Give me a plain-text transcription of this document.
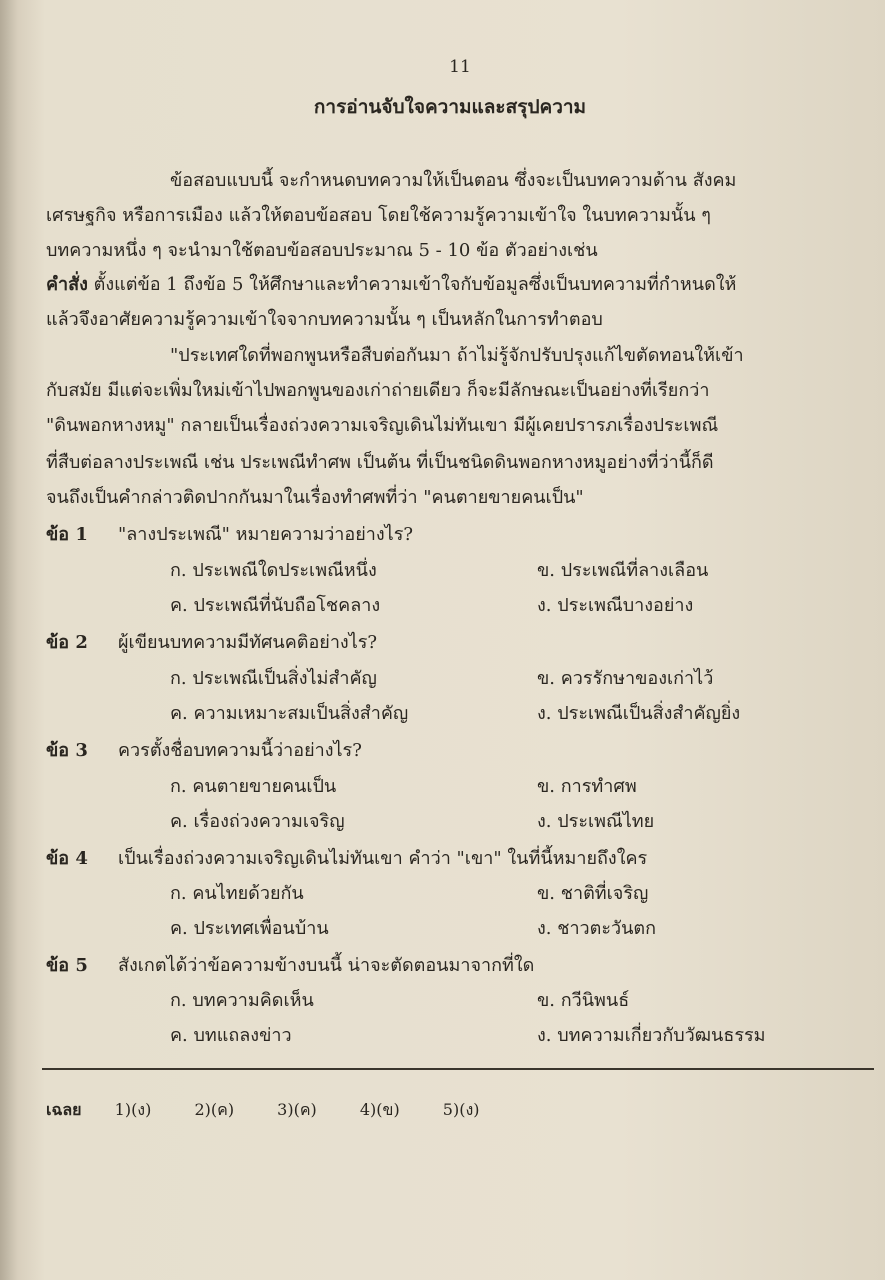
11
การอ่านจับใจความและสรุปความ
ข้อสอบแบบนี้ จะกำหนดบทความให้เป็นตอน ซึ่งจะเป็นบทความด้าน สังคม
เศรษฐกิจ หรือการเมือง แล้วให้ตอบข้อสอบ โดยใช้ความรู้ความเข้าใจ ในบทความนั้น ๆ
บทความหนึ่ง ๆ จะนำมาใช้ตอบข้อสอบประมาณ 5 - 10 ข้อ ตัวอย่างเช่น
คำสั่ง ตั้งแต่ข้อ 1 ถึงข้อ 5 ให้ศึกษาและทำความเข้าใจกับข้อมูลซึ่งเป็นบทความที่กำหนดให้
แล้วจึงอาศัยความรู้ความเข้าใจจากบทความนั้น ๆ เป็นหลักในการทำตอบ
"ประเทศใดที่พอกพูนหรือสืบต่อกันมา ถ้าไม่รู้จักปรับปรุงแก้ไขตัดทอนให้เข้า
กับสมัย มีแต่จะเพิ่มใหม่เข้าไปพอกพูนของเก่าถ่ายเดียว ก็จะมีลักษณะเป็นอย่างที่เรียกว่า
"ดินพอกหางหมู" กลายเป็นเรื่องถ่วงความเจริญเดินไม่ทันเขา มีผู้เคยปรารภเรื่องประเพณี
ที่สืบต่อลางประเพณี เช่น ประเพณีทำศพ เป็นต้น ที่เป็นชนิดดินพอกหางหมูอย่างที่ว่านี้ก็ดี
จนถึงเป็นคำกล่าวติดปากกันมาในเรื่องทำศพที่ว่า "คนตายขายคนเป็น"
ข้อ 1 "ลางประเพณี" หมายความว่าอย่างไร?
ก. ประเพณีใดประเพณีหนึ่ง	ข. ประเพณีที่ลางเลือน
ค. ประเพณีที่นับถือโชคลาง	ง. ประเพณีบางอย่าง
ข้อ 2 ผู้เขียนบทความมีทัศนคติอย่างไร?
ก. ประเพณีเป็นสิ่งไม่สำคัญ	ข. ควรรักษาของเก่าไว้
ค. ความเหมาะสมเป็นสิ่งสำคัญ	ง. ประเพณีเป็นสิ่งสำคัญยิ่ง
ข้อ 3 ควรตั้งชื่อบทความนี้ว่าอย่างไร?
ก. คนตายขายคนเป็น	ข. การทำศพ
ค. เรื่องถ่วงความเจริญ	ง. ประเพณีไทย
ข้อ 4 เป็นเรื่องถ่วงความเจริญเดินไม่ทันเขา คำว่า "เขา" ในที่นี้หมายถึงใคร
ก. คนไทยด้วยกัน	ข. ชาติที่เจริญ
ค. ประเทศเพื่อนบ้าน	ง. ชาวตะวันตก
ข้อ 5 สังเกตได้ว่าข้อความข้างบนนี้ น่าจะตัดตอนมาจากที่ใด
ก. บทความคิดเห็น	ข. กวีนิพนธ์
ค. บทแถลงข่าว	ง. บทความเกี่ยวกับวัฒนธรรม
เฉลย 1)(ง)	2)(ค)	3)(ค)	4)(ข)	5)(ง)
